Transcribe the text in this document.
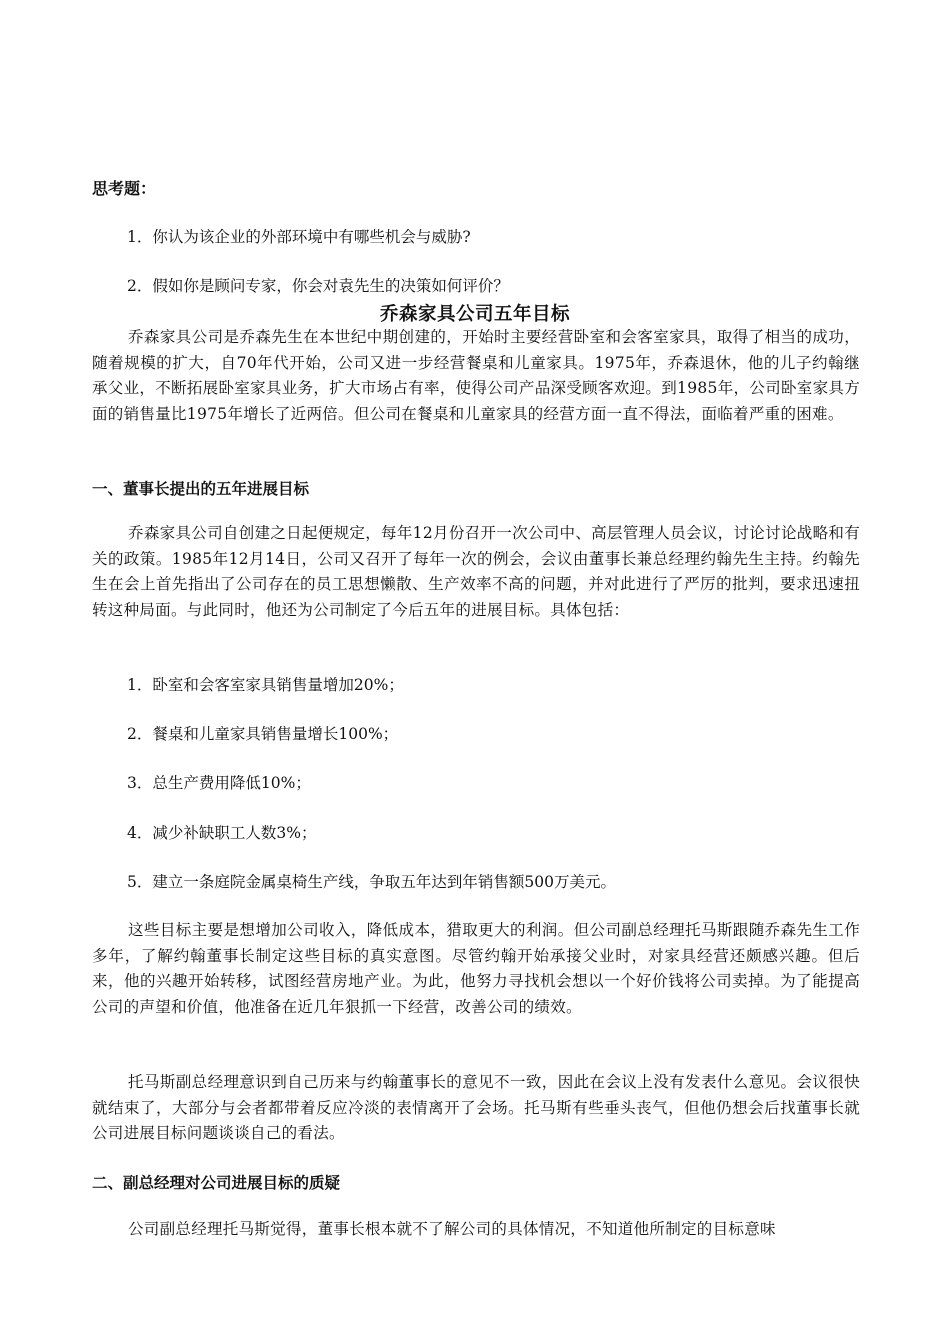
思考题：
1．你认为该企业的外部环境中有哪些机会与威胁?
2．假如你是顾问专家，你会对袁先生的决策如何评价？
乔森家具公司五年目标
乔森家具公司是乔森先生在本世纪中期创建的，开始时主要经营卧室和会客室家具，取得了相当的成功，随着规模的扩大，自70年代开始，公司又进一步经营餐桌和儿童家具。1975年，乔森退休，他的儿子约翰继承父业，不断拓展卧室家具业务，扩大市场占有率，使得公司产品深受顾客欢迎。到1985年，公司卧室家具方面的销售量比1975年增长了近两倍。但公司在餐桌和儿童家具的经营方面一直不得法，面临着严重的困难。
一、董事长提出的五年进展目标
乔森家具公司自创建之日起便规定，每年12月份召开一次公司中、高层管理人员会议，讨论讨论战略和有关的政策。1985年12月14日，公司又召开了每年一次的例会，会议由董事长兼总经理约翰先生主持。约翰先生在会上首先指出了公司存在的员工思想懒散、生产效率不高的问题，并对此进行了严厉的批判，要求迅速扭转这种局面。与此同时，他还为公司制定了今后五年的进展目标。具体包括：
1．卧室和会客室家具销售量增加20%；
2．餐桌和儿童家具销售量增长100%；
3．总生产费用降低10%；
4．减少补缺职工人数3%；
5．建立一条庭院金属桌椅生产线，争取五年达到年销售额500万美元。
这些目标主要是想增加公司收入，降低成本，猎取更大的利润。但公司副总经理托马斯跟随乔森先生工作多年，了解约翰董事长制定这些目标的真实意图。尽管约翰开始承接父业时，对家具经营还颇感兴趣。但后来，他的兴趣开始转移，试图经营房地产业。为此，他努力寻找机会想以一个好价钱将公司卖掉。为了能提高公司的声望和价值，他准备在近几年狠抓一下经营，改善公司的绩效。
托马斯副总经理意识到自己历来与约翰董事长的意见不一致，因此在会议上没有发表什么意见。会议很快就结束了，大部分与会者都带着反应冷淡的表情离开了会场。托马斯有些垂头丧气，但他仍想会后找董事长就公司进展目标问题谈谈自己的看法。
二、副总经理对公司进展目标的质疑
公司副总经理托马斯觉得，董事长根本就不了解公司的具体情况，不知道他所制定的目标意味
